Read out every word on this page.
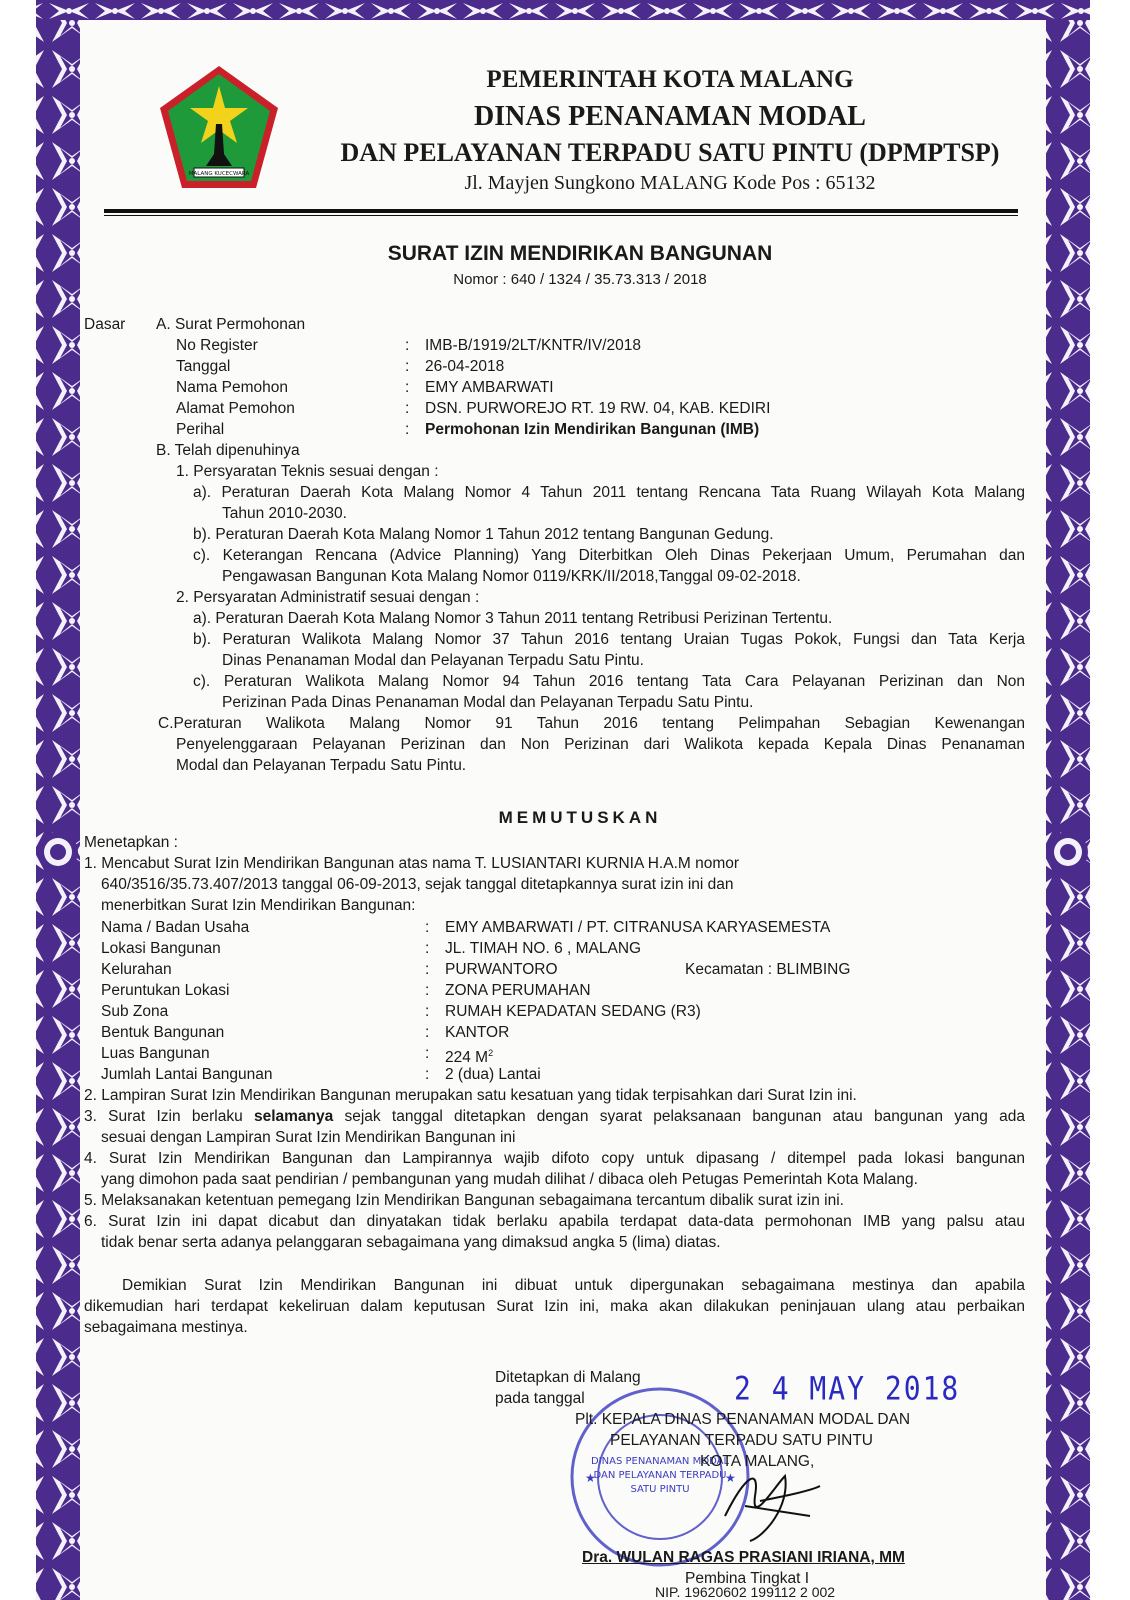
MALANG KUCECWARA
PEMERINTAH KOTA MALANG
DINAS PENANAMAN MODAL
DAN PELAYANAN TERPADU SATU PINTU (DPMPTSP)
Jl. Mayjen Sungkono MALANG Kode Pos : 65132
SURAT IZIN MENDIRIKAN BANGUNAN
Nomor : 640 / 1324 / 35.73.313 / 2018
Dasar A. Surat Permohonan
No Register	: IMB-B/1919/2LT/KNTR/IV/2018
Tanggal	: 26-04-2018
Nama Pemohon	: EMY AMBARWATI
Alamat Pemohon	: DSN. PURWOREJO RT. 19 RW. 04, KAB. KEDIRI
Perihal	: Permohonan Izin Mendirikan Bangunan (IMB)
B. Telah dipenuhinya
1. Persyaratan Teknis sesuai dengan :
a). Peraturan Daerah Kota Malang Nomor 4 Tahun 2011 tentang Rencana Tata Ruang Wilayah Kota Malang
Tahun 2010-2030.
b). Peraturan Daerah Kota Malang Nomor 1 Tahun 2012 tentang Bangunan Gedung.
c). Keterangan Rencana (Advice Planning) Yang Diterbitkan Oleh Dinas Pekerjaan Umum, Perumahan dan
Pengawasan Bangunan Kota Malang Nomor 0119/KRK/II/2018,Tanggal 09-02-2018.
2. Persyaratan Administratif sesuai dengan :
a). Peraturan Daerah Kota Malang Nomor 3 Tahun 2011 tentang Retribusi Perizinan Tertentu.
b). Peraturan Walikota Malang Nomor 37 Tahun 2016 tentang Uraian Tugas Pokok, Fungsi dan Tata Kerja
Dinas Penanaman Modal dan Pelayanan Terpadu Satu Pintu.
c). Peraturan Walikota Malang Nomor 94 Tahun 2016 tentang Tata Cara Pelayanan Perizinan dan Non
Perizinan Pada Dinas Penanaman Modal dan Pelayanan Terpadu Satu Pintu.
C.Peraturan Walikota Malang Nomor 91 Tahun 2016 tentang Pelimpahan Sebagian Kewenangan
Penyelenggaraan Pelayanan Perizinan dan Non Perizinan dari Walikota kepada Kepala Dinas Penanaman
Modal dan Pelayanan Terpadu Satu Pintu.
MEMUTUSKAN
Menetapkan :
1. Mencabut Surat Izin Mendirikan Bangunan atas nama T. LUSIANTARI KURNIA H.A.M nomor
640/3516/35.73.407/2013 tanggal 06-09-2013, sejak tanggal ditetapkannya surat izin ini dan
menerbitkan Surat Izin Mendirikan Bangunan:
Nama / Badan Usaha	: EMY AMBARWATI / PT. CITRANUSA KARYASEMESTA
Lokasi Bangunan	: JL. TIMAH NO. 6 , MALANG
Kelurahan	: PURWANTORO	Kecamatan : BLIMBING
Peruntukan Lokasi	: ZONA PERUMAHAN
Sub Zona	: RUMAH KEPADATAN SEDANG (R3)
Bentuk Bangunan	: KANTOR
Luas Bangunan	: 224 $M^2$
Jumlah Lantai Bangunan	: 2 (dua) Lantai
2. Lampiran Surat Izin Mendirikan Bangunan merupakan satu kesatuan yang tidak terpisahkan dari Surat Izin ini.
3. Surat Izin berlaku selamanya sejak tanggal ditetapkan dengan syarat pelaksanaan bangunan atau bangunan yang ada
sesuai dengan Lampiran Surat Izin Mendirikan Bangunan ini
4. Surat Izin Mendirikan Bangunan dan Lampirannya wajib difoto copy untuk dipasang / ditempel pada lokasi bangunan
yang dimohon pada saat pendirian / pembangunan yang mudah dilihat / dibaca oleh Petugas Pemerintah Kota Malang.
5. Melaksanakan ketentuan pemegang Izin Mendirikan Bangunan sebagaimana tercantum dibalik surat izin ini.
6. Surat Izin ini dapat dicabut dan dinyatakan tidak berlaku apabila terdapat data-data permohonan IMB yang palsu atau
tidak benar serta adanya pelanggaran sebagaimana yang dimaksud angka 5 (lima) diatas.
Demikian Surat Izin Mendirikan Bangunan ini dibuat untuk dipergunakan sebagaimana mestinya dan apabila
dikemudian hari terdapat kekeliruan dalam keputusan Surat Izin ini, maka akan dilakukan peninjauan ulang atau perbaikan
sebagaimana mestinya.
Ditetapkan di Malang
pada tanggal	2 4 MAY 2018
DINAS PENANAMAN MODAL
DAN PELAYANAN TERPADU
SATU PINTU
★	★
Plt. KEPALA DINAS PENANAMAN MODAL DAN
PELAYANAN TERPADU SATU PINTU
KOTA MALANG,
Dra. WULAN RAGAS PRASIANI IRIANA, MM
Pembina Tingkat I
NIP. 19620602 199112 2 002
